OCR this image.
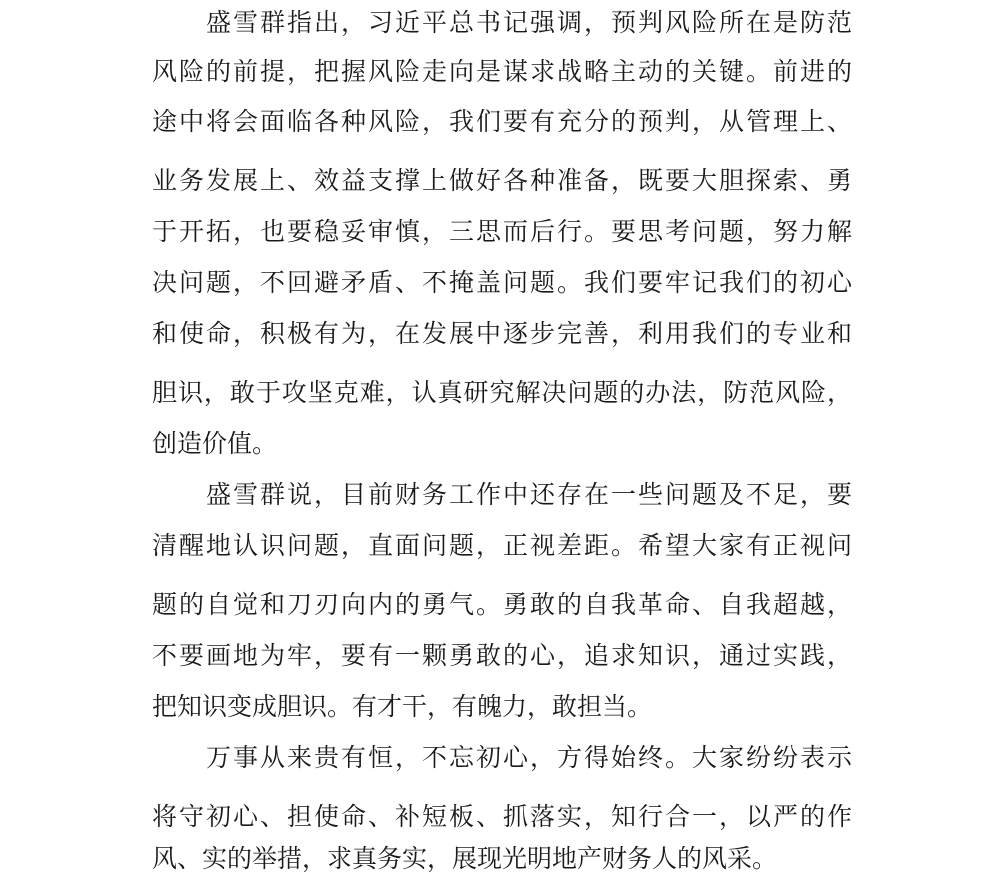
盛雪群指出，习近平总书记强调，预判风险所在是防范
风险的前提，把握风险走向是谋求战略主动的关键。前进的
途中将会面临各种风险，我们要有充分的预判，从管理上、
业务发展上、效益支撑上做好各种准备，既要大胆探索、勇
于开拓，也要稳妥审慎，三思而后行。要思考问题，努力解
决问题，不回避矛盾、不掩盖问题。我们要牢记我们的初心
和使命，积极有为，在发展中逐步完善，利用我们的专业和
胆识，敢于攻坚克难，认真研究解决问题的办法，防范风险，
创造价值。
盛雪群说，目前财务工作中还存在一些问题及不足，要
清醒地认识问题，直面问题，正视差距。希望大家有正视问
题的自觉和刀刃向内的勇气。勇敢的自我革命、自我超越，
不要画地为牢，要有一颗勇敢的心，追求知识，通过实践，
把知识变成胆识。有才干，有魄力，敢担当。
万事从来贵有恒，不忘初心，方得始终。大家纷纷表示
将守初心、担使命、补短板、抓落实，知行合一，以严的作
风、实的举措，求真务实，展现光明地产财务人的风采。
